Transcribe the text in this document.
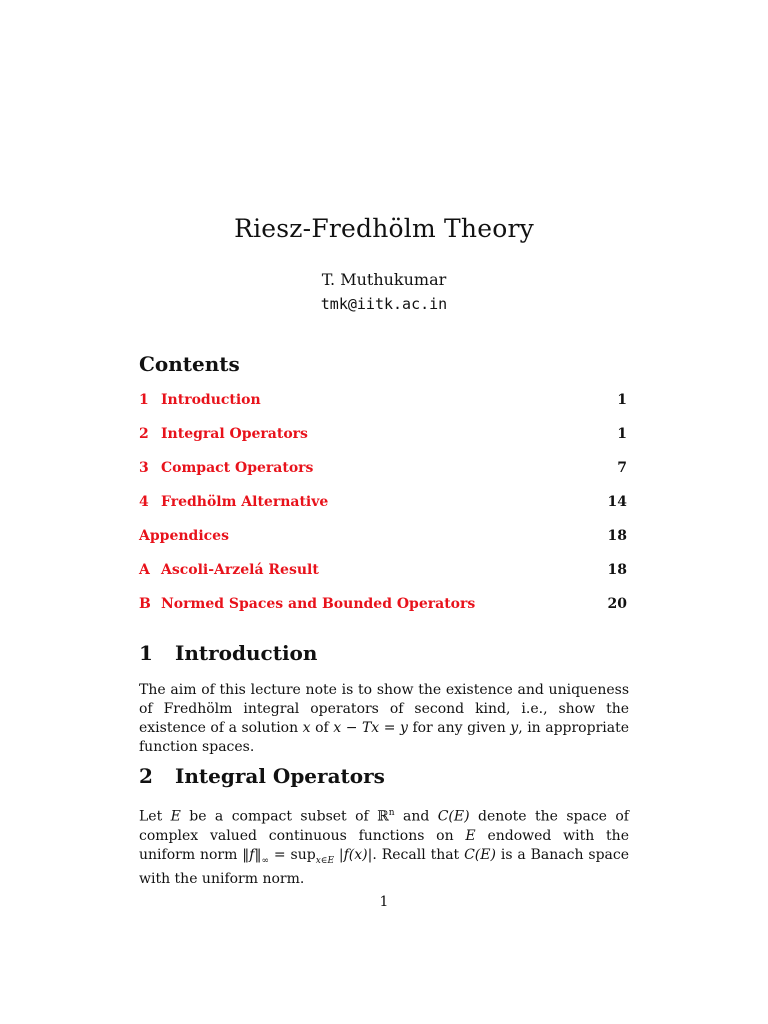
Riesz-Fredhölm Theory
T. Muthukumar
tmk@iitk.ac.in
Contents
1 Introduction	1
2 Integral Operators	1
3 Compact Operators	7
4 Fredhölm Alternative	14
Appendices	18
A Ascoli-Arzelá Result	18
B Normed Spaces and Bounded Operators	20
1 Introduction
The aim of this lecture note is to show the existence and uniqueness of Fredhölm integral operators of second kind, i.e., show the existence of a solution x of x − Tx = y for any given y, in appropriate function spaces.
2 Integral Operators
Let E be a compact subset of ℝ$^n$ and C(E) denote the space of complex valued continuous functions on E endowed with the uniform norm $‖f‖_\infty = sup_{x\in E}$ |f(x)|. Recall that C(E) is a Banach space with the uniform norm.
1
